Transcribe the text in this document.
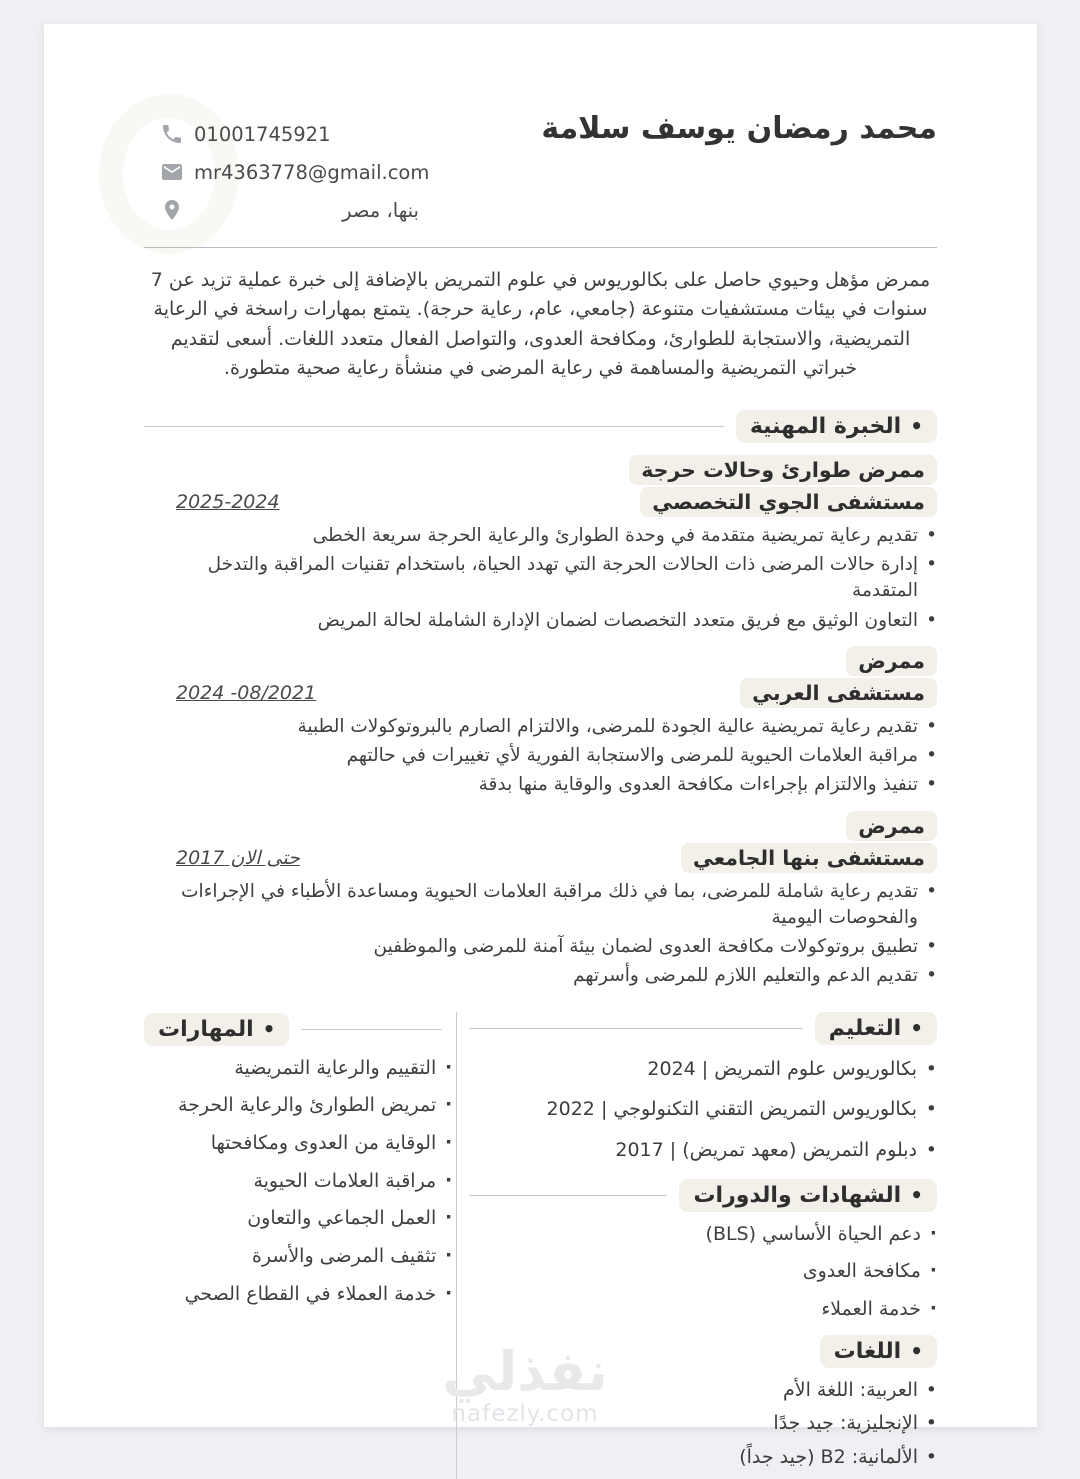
محمد رمضان يوسف سلامة
01001745921
mr4363778@gmail.com
بنها، مصر

ممرض مؤهل وحيوي حاصل على بكالوريوس في علوم التمريض بالإضافة إلى خبرة عملية تزيد عن 7 سنوات في بيئات مستشفيات متنوعة (جامعي، عام، رعاية حرجة). يتمتع بمهارات راسخة في الرعاية التمريضية، والاستجابة للطوارئ، ومكافحة العدوى، والتواصل الفعال متعدد اللغات. أسعى لتقديم خبراتي التمريضية والمساهمة في رعاية المرضى في منشأة رعاية صحية متطورة.

•
الخبرة المهنية
ممرض طوارئ وحالات حرجة
مستشفى الجوي التخصصي
2025-2024
• تقديم رعاية تمريضية متقدمة في وحدة الطوارئ والرعاية الحرجة سريعة الخطى
• إدارة حالات المرضى ذات الحالات الحرجة التي تهدد الحياة، باستخدام تقنيات المراقبة والتدخل المتقدمة
• التعاون الوثيق مع فريق متعدد التخصصات لضمان الإدارة الشاملة لحالة المريض
ممرض
مستشفى العربي
2024 -08/2021
• تقديم رعاية تمريضية عالية الجودة للمرضى، والالتزام الصارم بالبروتوكولات الطبية
• مراقبة العلامات الحيوية للمرضى والاستجابة الفورية لأي تغييرات في حالتهم
• تنفيذ والالتزام بإجراءات مكافحة العدوى والوقاية منها بدقة
ممرض
مستشفى بنها الجامعي
حتى الان 2017
• تقديم رعاية شاملة للمرضى، بما في ذلك مراقبة العلامات الحيوية ومساعدة الأطباء في الإجراءات والفحوصات اليومية
• تطبيق بروتوكولات مكافحة العدوى لضمان بيئة آمنة للمرضى والموظفين
• تقديم الدعم والتعليم اللازم للمرضى وأسرتهم
•
التعليم
• بكالوريوس علوم التمريض | 2024
• بكالوريوس التمريض التقني التكنولوجي | 2022
• دبلوم التمريض (معهد تمريض) | 2017
•
الشهادات والدورات
· دعم الحياة الأساسي (BLS)
· مكافحة العدوى
· خدمة العملاء
•
اللغات
• العربية: اللغة الأم
• الإنجليزية: جيد جدًا
• الألمانية: B2 (جيد جداً)
•
المهارات
· التقييم والرعاية التمريضية
· تمريض الطوارئ والرعاية الحرجة
· الوقاية من العدوى ومكافحتها
· مراقبة العلامات الحيوية
· العمل الجماعي والتعاون
· تثقيف المرضى والأسرة
· خدمة العملاء في القطاع الصحي
نفذلي
nafezly.com
